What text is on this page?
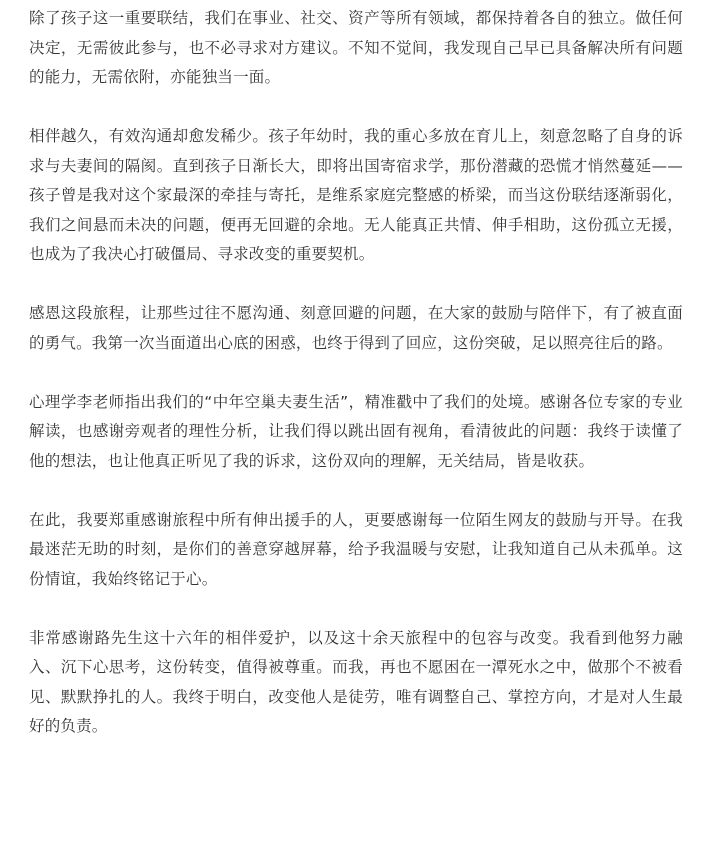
除了孩子这一重要联结，我们在事业、社交、资产等所有领域，都保持着各自的独立。做任何决定，无需彼此参与，也不必寻求对方建议。不知不觉间，我发现自己早已具备解决所有问题的能力，无需依附，亦能独当一面。

相伴越久，有效沟通却愈发稀少。孩子年幼时，我的重心多放在育儿上，刻意忽略了自身的诉求与夫妻间的隔阂。直到孩子日渐长大，即将出国寄宿求学，那份潜藏的恐慌才悄然蔓延——孩子曾是我对这个家最深的牵挂与寄托，是维系家庭完整感的桥梁，而当这份联结逐渐弱化，我们之间悬而未决的问题，便再无回避的余地。无人能真正共情、伸手相助，这份孤立无援，也成为了我决心打破僵局、寻求改变的重要契机。

感恩这段旅程，让那些过往不愿沟通、刻意回避的问题，在大家的鼓励与陪伴下，有了被直面的勇气。我第一次当面道出心底的困惑，也终于得到了回应，这份突破，足以照亮往后的路。

心理学李老师指出我们的“中年空巢夫妻生活”，精准戳中了我们的处境。感谢各位专家的专业解读，也感谢旁观者的理性分析，让我们得以跳出固有视角，看清彼此的问题：我终于读懂了他的想法，也让他真正听见了我的诉求，这份双向的理解，无关结局，皆是收获。

在此，我要郑重感谢旅程中所有伸出援手的人，更要感谢每一位陌生网友的鼓励与开导。在我最迷茫无助的时刻，是你们的善意穿越屏幕，给予我温暖与安慰，让我知道自己从未孤单。这份情谊，我始终铭记于心。

非常感谢路先生这十六年的相伴爱护，以及这十余天旅程中的包容与改变。我看到他努力融入、沉下心思考，这份转变，值得被尊重。而我，再也不愿困在一潭死水之中，做那个不被看见、默默挣扎的人。我终于明白，改变他人是徒劳，唯有调整自己、掌控方向，才是对人生最好的负责。
